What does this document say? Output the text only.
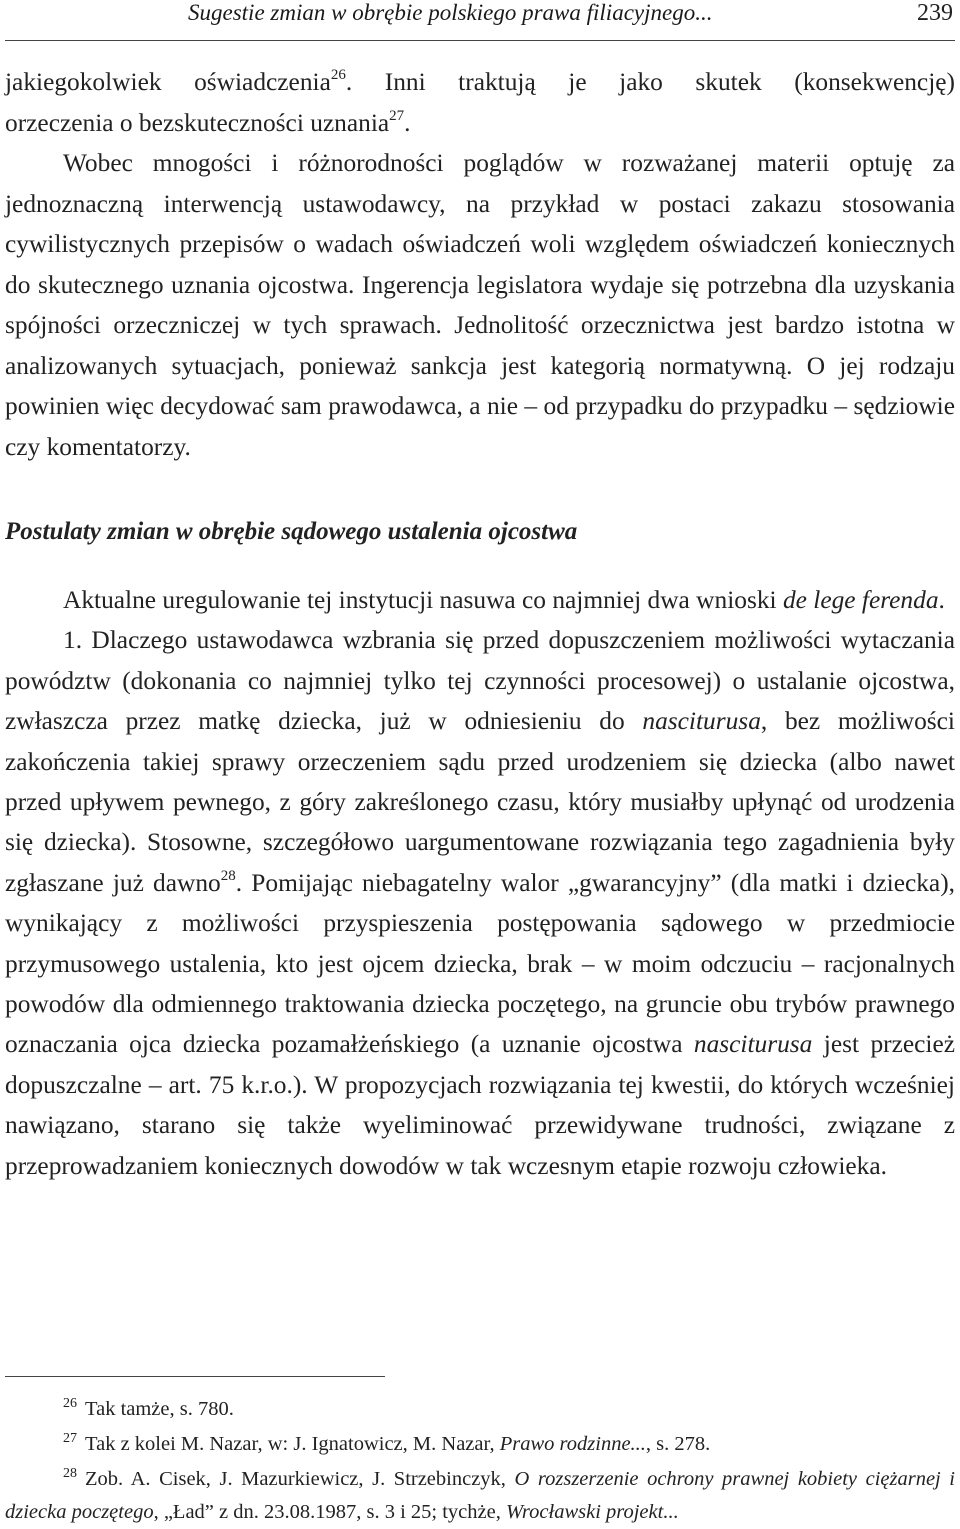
Sugestie zmian w obrębie polskiego prawa filiacyjnego...	239

jakiegokolwiek oświadczenia$^{26}$. Inni traktują je jako skutek (konsekwencję)

orzeczenia o bezskuteczności uznania$^{27}$.

Wobec mnogości i różnorodności poglądów w rozważanej materii optuję za jednoznaczną interwencją ustawodawcy, na przykład w postaci zakazu stosowania cywilistycznych przepisów o wadach oświadczeń woli względem oświadczeń koniecznych do skutecznego uznania ojcostwa. Ingerencja legislatora wydaje się potrzebna dla uzyskania spójności orzeczniczej w tych sprawach. Jednolitość orzecznictwa jest bardzo istotna w analizowanych sytuacjach, ponieważ sankcja jest kategorią normatywną. O jej rodzaju powinien więc decydować sam prawodawca, a nie – od przypadku do przypadku – sędziowie czy komentatorzy.

Postulaty zmian w obrębie sądowego ustalenia ojcostwa

Aktualne uregulowanie tej instytucji nasuwa co najmniej dwa wnioski de lege ferenda.

1. Dlaczego ustawodawca wzbrania się przed dopuszczeniem możliwości wytaczania powództw (dokonania co najmniej tylko tej czynności procesowej) o ustalanie ojcostwa, zwłaszcza przez matkę dziecka, już w odniesieniu do nasciturusa, bez możliwości zakończenia takiej sprawy orzeczeniem sądu przed urodzeniem się dziecka (albo nawet przed upływem pewnego, z góry zakreślonego czasu, który musiałby upłynąć od urodzenia się dziecka). Stosowne, szczegółowo uargumentowane rozwiązania tego zagadnienia były zgłaszane już dawno$^{28}$. Pomijając niebagatelny walor „gwarancyjny” (dla matki i dziecka), wynikający z możliwości przyspieszenia postępowania sądowego w przedmiocie przymusowego ustalenia, kto jest ojcem dziecka, brak – w moim odczuciu – racjonalnych powodów dla odmiennego traktowania dziecka poczętego, na gruncie obu trybów prawnego oznaczania ojca dziecka pozamałżeńskiego (a uznanie ojcostwa nasciturusa jest przecież dopuszczalne – art. 75 k.r.o.). W propozycjach rozwiązania tej kwestii, do których wcześniej nawiązano, starano się także wyeliminować przewidywane trudności, związane z przeprowadzaniem koniecznych dowodów w tak wczesnym etapie rozwoju człowieka.

$^{26}$ Tak tamże, s. 780.

$^{27}$ Tak z kolei M. Nazar, w: J. Ignatowicz, M. Nazar, Prawo rodzinne..., s. 278.

$^{28}$ Zob. A. Cisek, J. Mazurkiewicz, J. Strzebinczyk, O rozszerzenie ochrony prawnej kobiety ciężarnej i dziecka poczętego, „Ład” z dn. 23.08.1987, s. 3 i 25; tychże, Wrocławski projekt...
